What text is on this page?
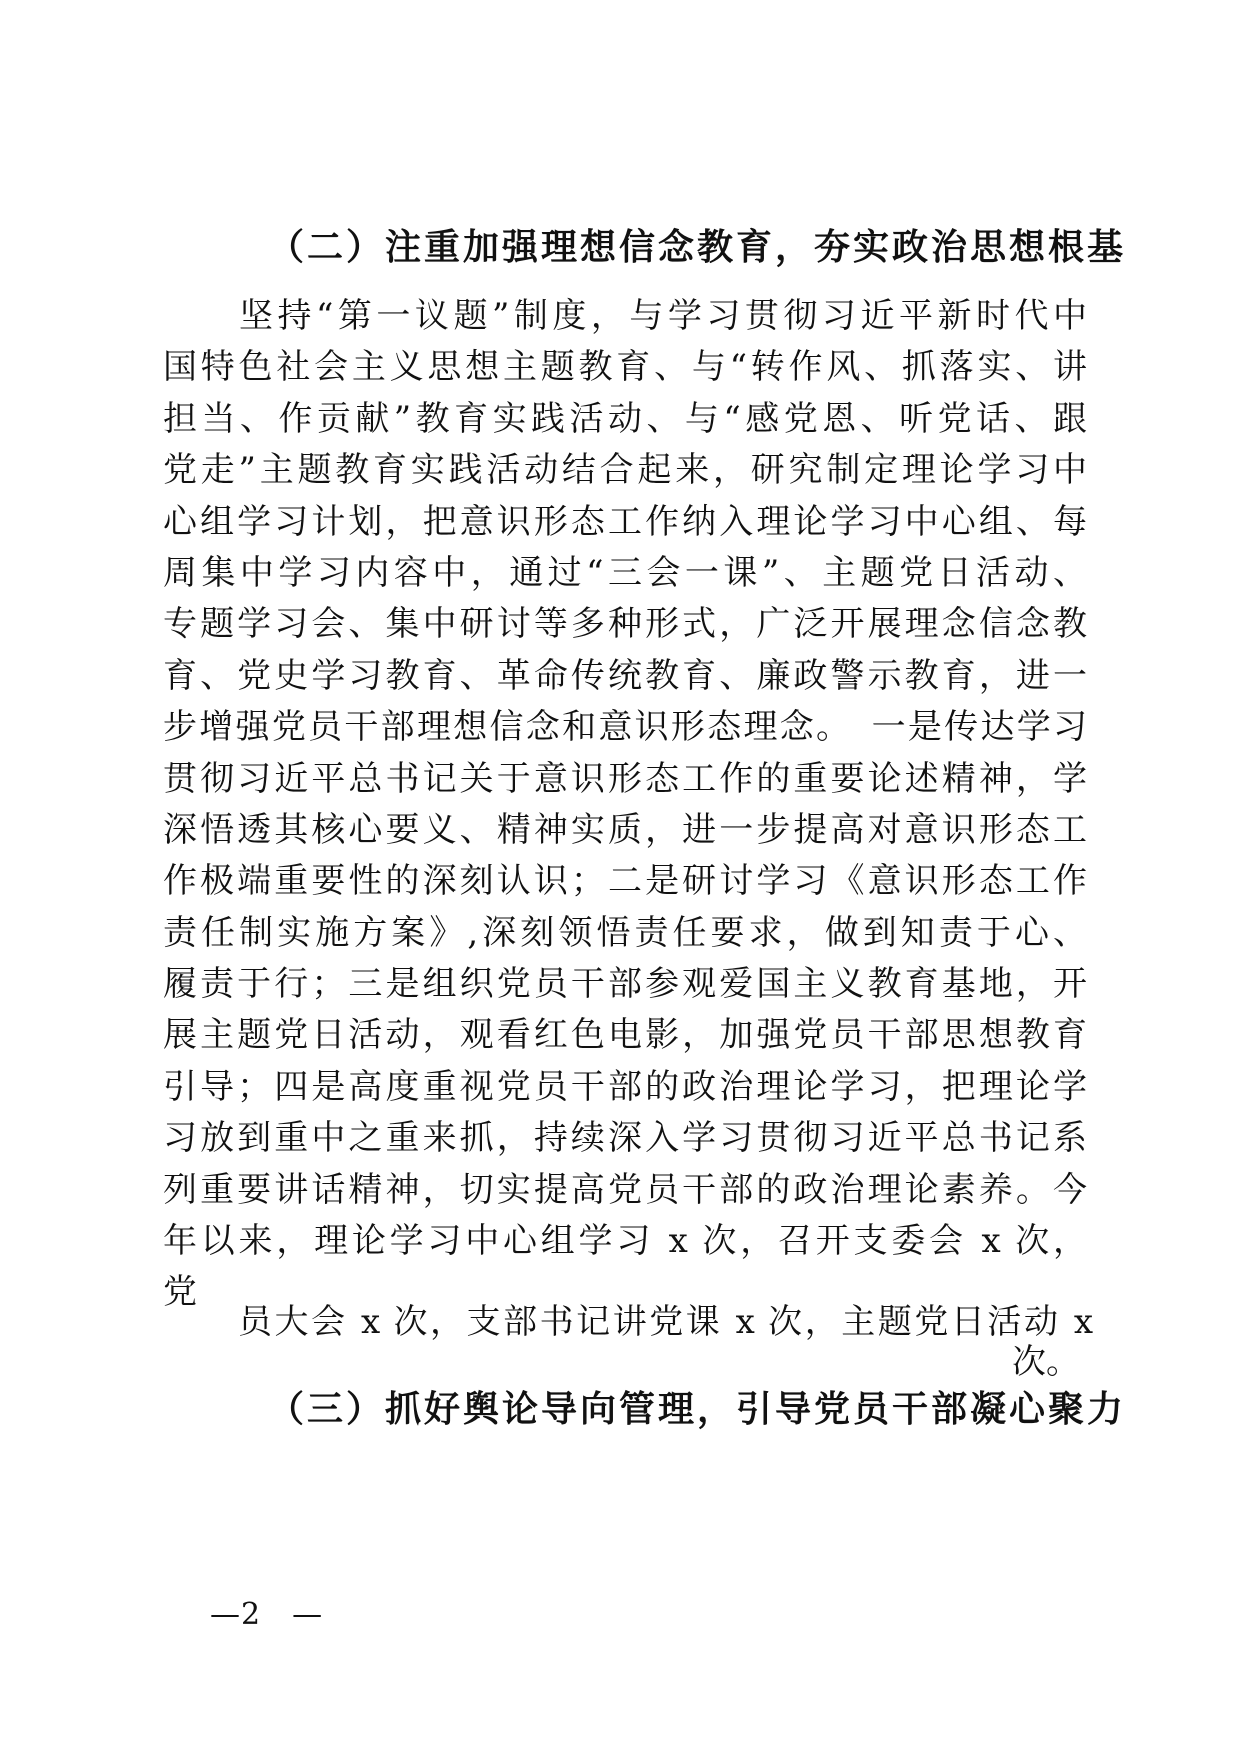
（二）注重加强理想信念教育，夯实政治思想根基
坚持“第一议题”制度，与学习贯彻习近平新时代中
国特色社会主义思想主题教育、与“转作风、抓落实、讲
担当、作贡献”教育实践活动、与“感党恩、听党话、跟
党走”主题教育实践活动结合起来，研究制定理论学习中
心组学习计划，把意识形态工作纳入理论学习中心组、每
周集中学习内容中，通过“三会一课”、主题党日活动、
专题学习会、集中研讨等多种形式，广泛开展理念信念教
育、党史学习教育、革命传统教育、廉政警示教育，进一
步增强党员干部理想信念和意识形态理念。　一是传达学习
贯彻习近平总书记关于意识形态工作的重要论述精神，学
深悟透其核心要义、精神实质，进一步提高对意识形态工
作极端重要性的深刻认识；二是研讨学习《意识形态工作
责任制实施方案》,深刻领悟责任要求，做到知责于心、
履责于行；三是组织党员干部参观爱国主义教育基地，开
展主题党日活动，观看红色电影，加强党员干部思想教育
引导；四是高度重视党员干部的政治理论学习，把理论学
习放到重中之重来抓，持续深入学习贯彻习近平总书记系
列重要讲话精神，切实提高党员干部的政治理论素养。今
年以来，理论学习中心组学习 x 次，召开支委会 x 次，
党
员大会 x 次，支部书记讲党课 x 次，主题党日活动 x
次。
（三）抓好舆论导向管理，引导党员干部凝心聚力
—2　—
